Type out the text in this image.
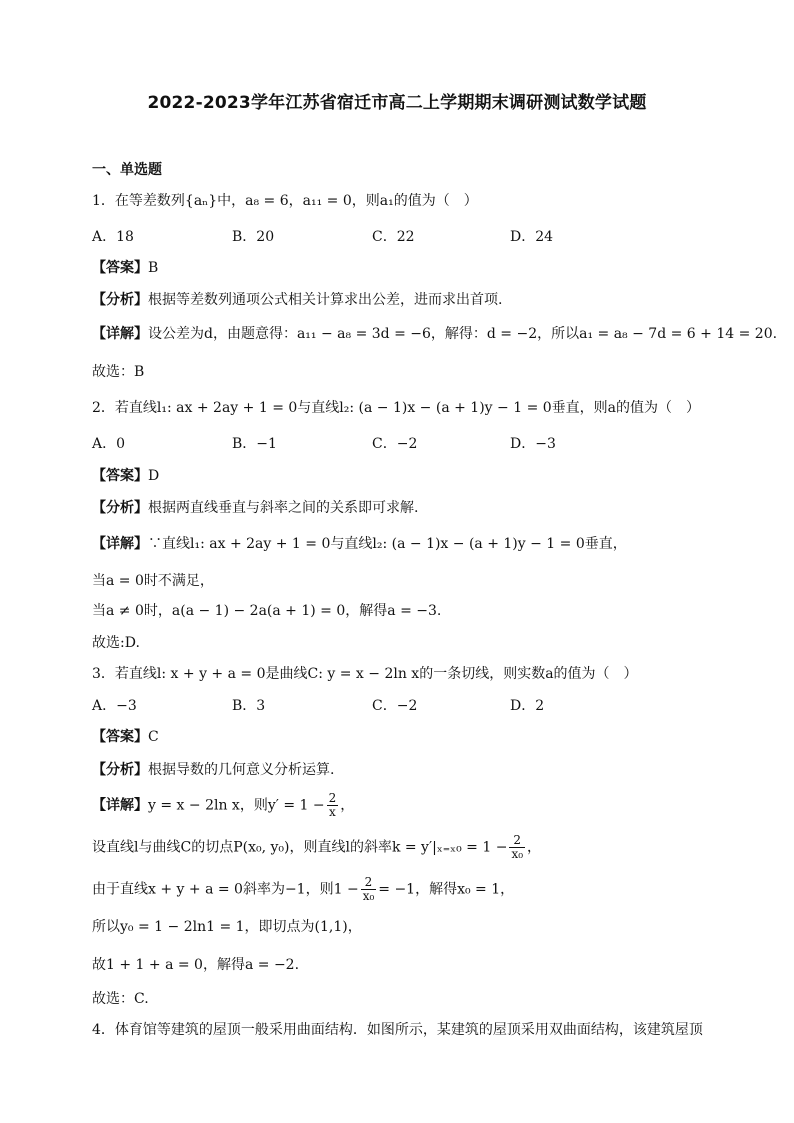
2022-2023学年江苏省宿迁市高二上学期期末调研测试数学试题
一、单选题
1．在等差数列{aₙ}中，a₈ = 6，a₁₁ = 0，则a₁的值为（　）
A．18	B．20	C．22	D．24
【答案】B
【分析】根据等差数列通项公式相关计算求出公差，进而求出首项.
【详解】设公差为d，由题意得：a₁₁ − a₈ = 3d = −6，解得：d = −2，所以a₁ = a₈ − 7d = 6 + 14 = 20.
故选：B
2．若直线l₁: ax + 2ay + 1 = 0与直线l₂: (a − 1)x − (a + 1)y − 1 = 0垂直，则a的值为（　）
A．0	B．−1	C．−2	D．−3
【答案】D
【分析】根据两直线垂直与斜率之间的关系即可求解.
【详解】∵直线l₁: ax + 2ay + 1 = 0与直线l₂: (a − 1)x − (a + 1)y − 1 = 0垂直，
当a = 0时不满足，
当a ≠ 0时，a(a − 1) − 2a(a + 1) = 0，解得a = −3.
故选:D.
3．若直线l: x + y + a = 0是曲线C: y = x − 2ln x的一条切线，则实数a的值为（　）
A．−3	B．3	C．−2	D．2
【答案】C
【分析】根据导数的几何意义分析运算.
【详解】y = x − 2ln x，则$y' = 1 - \frac{2}{x}$ ，
设直线l与曲线C的切点P(x₀, y₀)，则直线l的斜率$k = y'|_{x=x0} = 1 - \frac{2}{\text{x₀}}$ ，
由于直线x + y + a = 0斜率为−1，则$1 - \frac{2}{\text{x₀}} = -1$，解得x₀ = 1，
所以y₀ = 1 − 2ln1 = 1，即切点为(1,1)，
故1 + 1 + a = 0，解得a = −2.
故选：C.
4．体育馆等建筑的屋顶一般采用曲面结构．如图所示，某建筑的屋顶采用双曲面结构，该建筑屋顶
